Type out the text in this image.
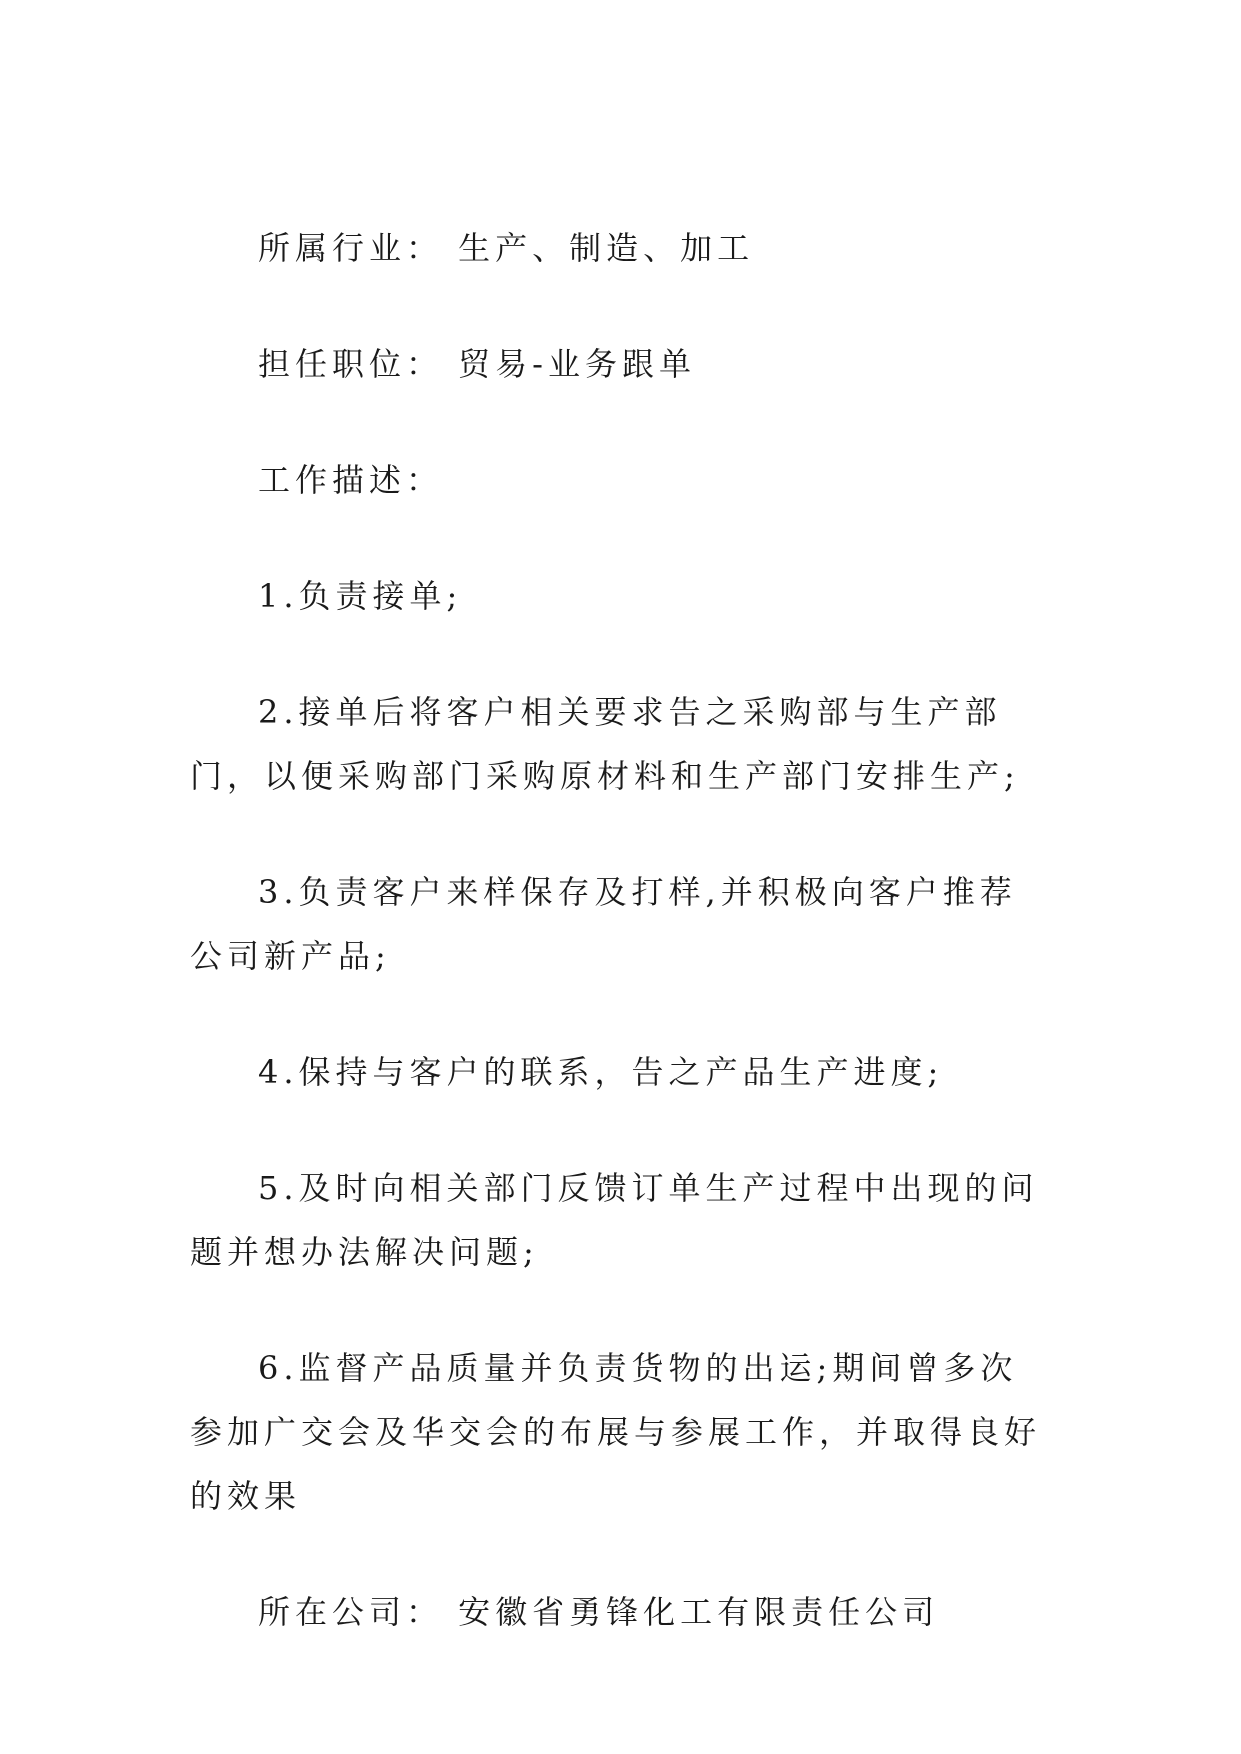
所属行业： 生产、制造、加工

担任职位： 贸易-业务跟单

工作描述：

1.负责接单;

2.接单后将客户相关要求告之采购部与生产部门，以便采购部门采购原材料和生产部门安排生产;

3.负责客户来样保存及打样,并积极向客户推荐公司新产品;

4.保持与客户的联系，告之产品生产进度;

5.及时向相关部门反馈订单生产过程中出现的问题并想办法解决问题;

6.监督产品质量并负责货物的出运;期间曾多次参加广交会及华交会的布展与参展工作，并取得良好的效果

所在公司： 安徽省勇锋化工有限责任公司
